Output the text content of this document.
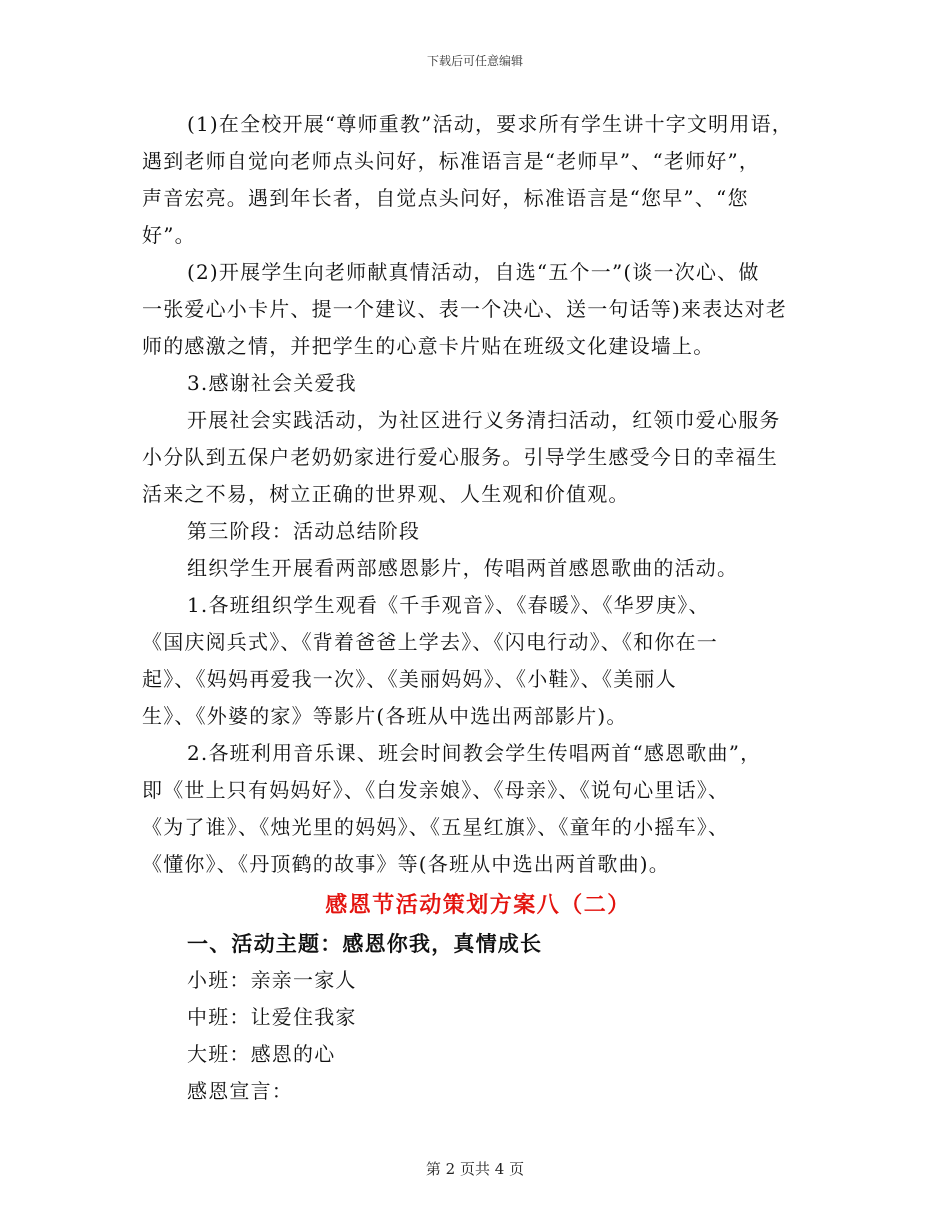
下载后可任意编辑
(1)在全校开展“尊师重教”活动，要求所有学生讲十字文明用语，
遇到老师自觉向老师点头问好，标准语言是“老师早”、“老师好”，
声音宏亮。遇到年长者，自觉点头问好，标准语言是“您早”、“您
好”。
(2)开展学生向老师献真情活动，自选“五个一”(谈一次心、做
一张爱心小卡片、提一个建议、表一个决心、送一句话等)来表达对老
师的感激之情，并把学生的心意卡片贴在班级文化建设墙上。
3.感谢社会关爱我
开展社会实践活动，为社区进行义务清扫活动，红领巾爱心服务
小分队到五保户老奶奶家进行爱心服务。引导学生感受今日的幸福生
活来之不易，树立正确的世界观、人生观和价值观。
第三阶段：活动总结阶段
组织学生开展看两部感恩影片，传唱两首感恩歌曲的活动。
1.各班组织学生观看《千手观音》、《春暖》、《华罗庚》、
《国庆阅兵式》、《背着爸爸上学去》、《闪电行动》、《和你在一
起》、《妈妈再爱我一次》、《美丽妈妈》、《小鞋》、《美丽人
生》、《外婆的家》等影片(各班从中选出两部影片)。
2.各班利用音乐课、班会时间教会学生传唱两首“感恩歌曲”，
即《世上只有妈妈好》、《白发亲娘》、《母亲》、《说句心里话》、
《为了谁》、《烛光里的妈妈》、《五星红旗》、《童年的小摇车》、
《懂你》、《丹顶鹤的故事》等(各班从中选出两首歌曲)。
感恩节活动策划方案八（二）
一、活动主题：感恩你我，真情成长
小班：亲亲一家人
中班：让爱住我家
大班：感恩的心
感恩宣言：
第 2 页共 4 页
